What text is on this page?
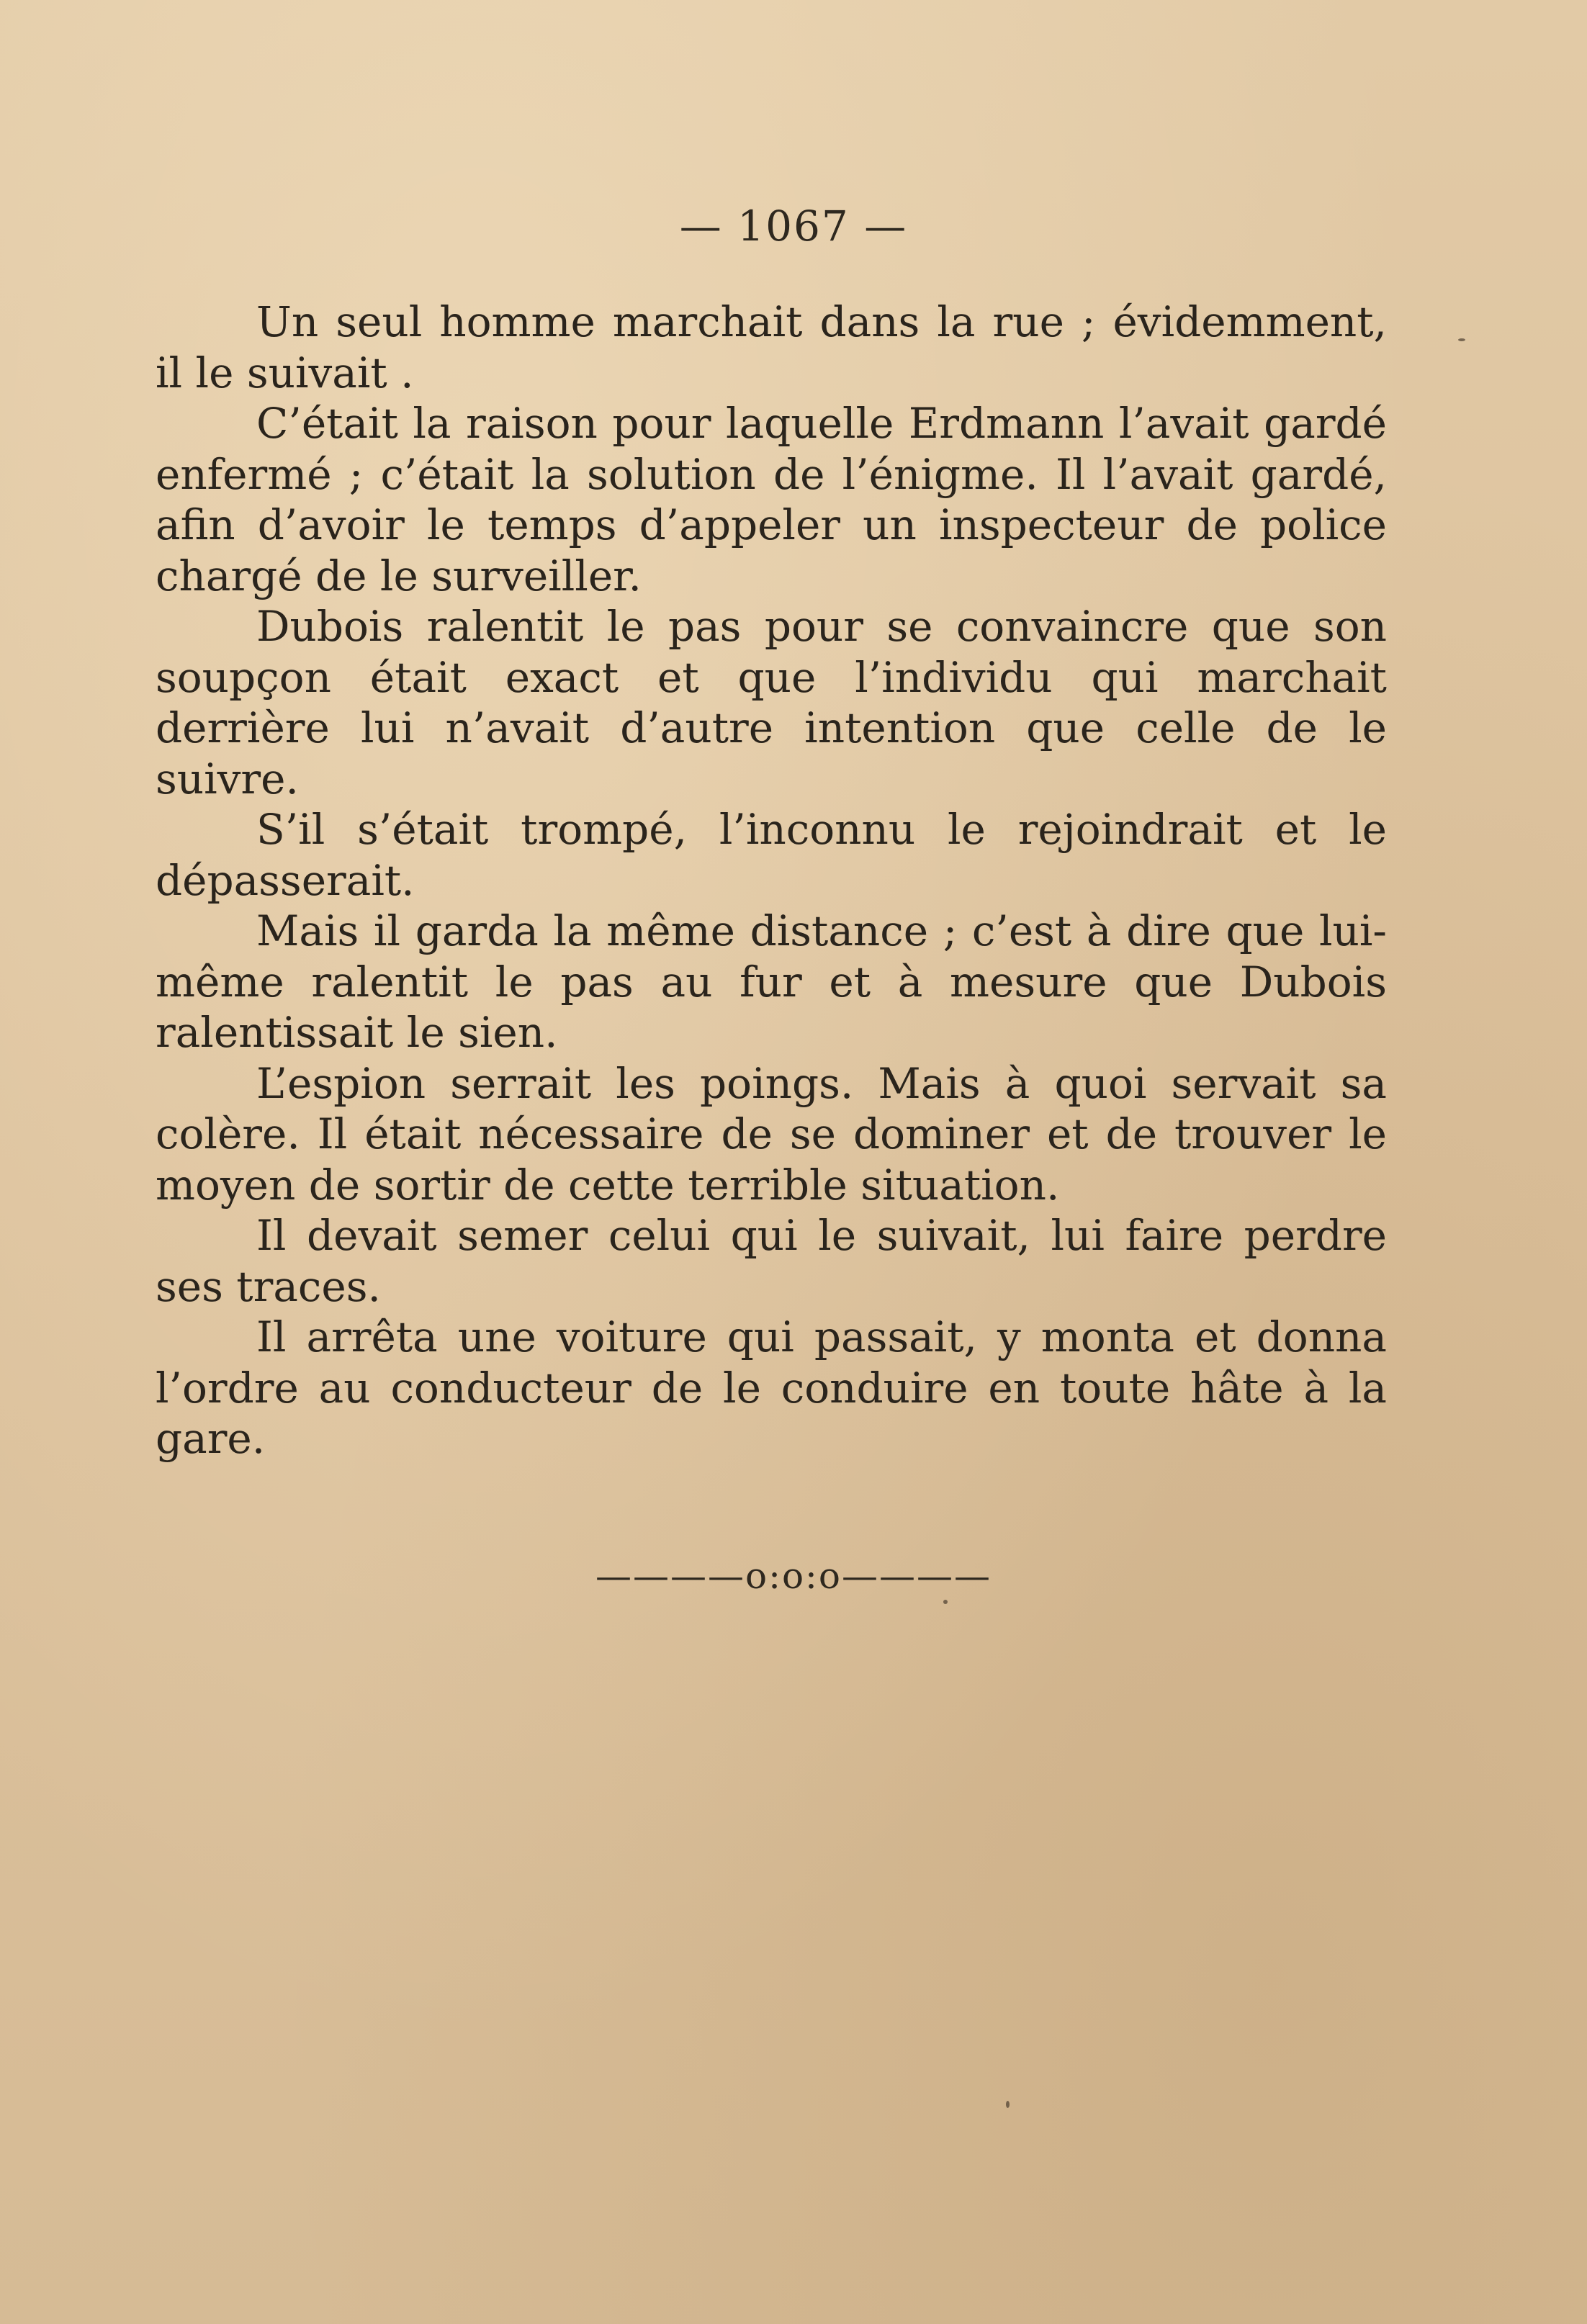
— 1067 —

Un seul homme marchait dans la rue ; évidemment, il le suivait .

C’était la raison pour laquelle Erdmann l’avait gardé enfermé ; c’était la solution de l’énigme. Il l’avait gardé, afin d’avoir le temps d’appeler un inspecteur de police chargé de le surveiller.

Dubois ralentit le pas pour se convaincre que son soupçon était exact et que l’individu qui marchait derrière lui n’avait d’autre intention que celle de le suivre.

S’il s’était trompé, l’inconnu le rejoindrait et le dépasserait.

Mais il garda la même distance ; c’est à dire que lui-même ralentit le pas au fur et à mesure que Dubois ralentissait le sien.

L’espion serrait les poings. Mais à quoi servait sa colère. Il était nécessaire de se dominer et de trouver le moyen de sortir de cette terrible situation.

Il devait semer celui qui le suivait, lui faire perdre ses traces.

Il arrêta une voiture qui passait, y monta et donna l’ordre au conducteur de le conduire en toute hâte à la gare.

————o:o:o————
